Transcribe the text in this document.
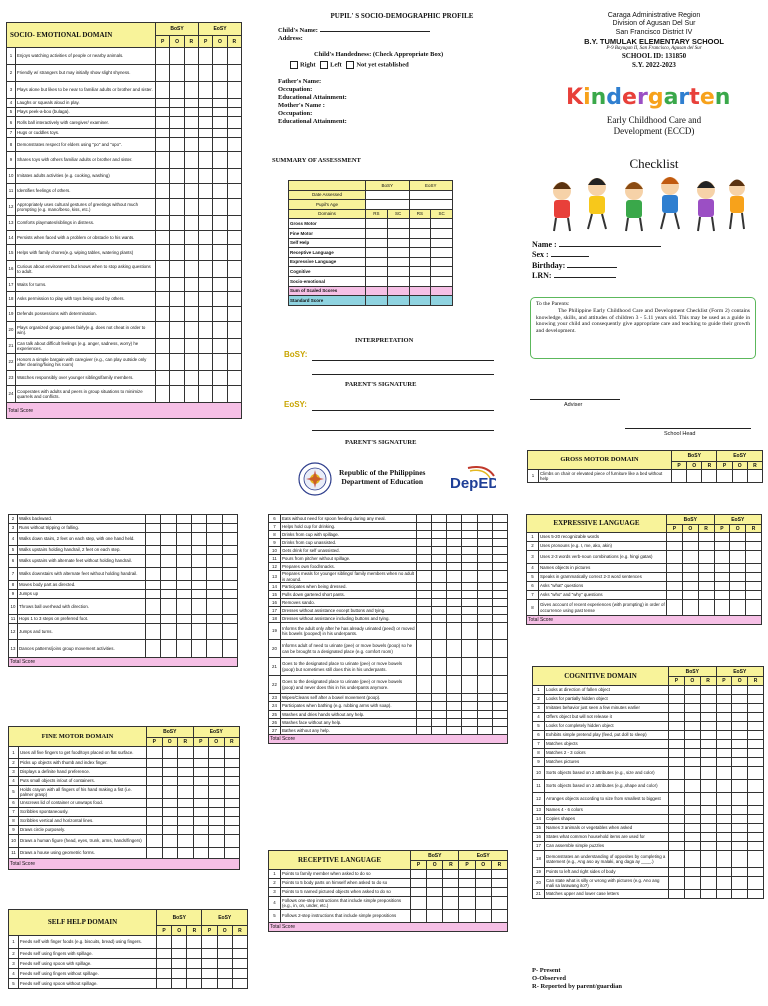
SOCIO- EMOTIONAL DOMAIN		BoSY			EoSY		
		P	O	R	P	O	R
1	Enjoys watching activities of people or nearby animals.						
2	Friendly w/ strangers but may initially show slight shyness.						
3	Plays alone but likes to be near to familiar adults or brother and sister.						
4	Laughs or squeals aloud in play.						
5	Plays peek-a-boo (bulaga).						
6	Rolls ball interactively with caregiver/ examiner.						
7	Hugs or cuddles toys.						
8	Demonstrates respect for elders using "po" and "opo".						
9	Shares toys with others familiar adults or brother and sister.						
10	Imitates adults activities (e.g. cooking, washing)						
11	Identifies feelings of others.						
12	Appropriately uses cultural gestures of greetings without much prompting (e.g. mano/beso, kiss, etc.)						
13	Comforts playmates/siblings in distress.						
14	Persists when faced with a problem or obstacle to his wants.						
15	Helps with family chores(e.g. wiping tables, watering plants)						
16	Curious about environment but knows when to stop asking questions to adult.						
17	Waits for turns.						
18	Asks permission to play with toys being used by others.						
19	Defends possessions with determination.						
20	Plays organized group games fairly(e.g. does not cheat in order to win).						
21	Can talk about difficult feelings (e.g. anger, sadness, worry) he experiences.						
22	Honors a simple bargain with caregiver (e.g., can play outside only after clearing/fixing his room)						
23	Watches responsibly over younger siblings/family members.						
24	Cooperates with adults and peers in group situations to minimize quarrels and conflicts.						
Total Score							
PUPIL' S SOCIO-DEMOGRAPHIC PROFILE
Child's Name:
Address:
Child's Handedness: (Check Appropriate Box)
Right Left Not yet established
Father's Name:
Occupation:
Educational Attainment:
Mother's Name :
Occupation:
Educational Attainment:
SUMMARY OF ASSESSMENT
	BoSY		EoSY	
Date Assessed				
Pupil's Age				
Domains	RS	SC	RS	SC
Gross Motor				
Fine Motor				
Self Help				
Receptive Language				
Expressive Language				
Cognitive				
Socio-emotional				
Sum of Scaled Scores				
Standard Score				
INTERPRETATION
BoSY:
PARENT'S SIGNATURE
EoSY:
PARENT'S SIGNATURE
Republic of the Philippines
Department of Education DepED
Caraga Administrative Region
Division of Agusan Del Sur
San Francisco District IV
B.Y. TUMULAK ELEMENTARY SCHOOL
P-9 Bayugan II, San Francisco, Agusan del Sur
SCHOOL ID: 131850
S.Y. 2022-2023
Kindergarten
Early Childhood Care and
Development (ECCD)
Checklist
Name :
Sex :
Birthday:
LRN:
To the Parents:
The Philippine Early Childhood Care and Development Checklist (Form 2) contains knowledge, skills, and attitudes of children 3 - 5.11 years old. This may be used as a guide in knowing your child and consequently give appropriate care and teaching to guide their growth and development.
Adviser
School Head
GROSS MOTOR DOMAIN		BoSY			EoSY		
		P	O	R	P	O	R
1	Climbs on chair or elevated piece of furniture like a bed without help						
2	Walks backward.						
3	Runs without tripping or falling.						
4	Walks down stairs, 2 feet on each step, with one hand held.						
5	Walks upstairs holding handrail, 2 feet on each step.						
6	Walks upstairs with alternate feet without holding handrail.						
7	Walks downstairs with alternate feet without holding handrail.						
8	Moves body part as directed.						
9	Jumps up						
10	Throws ball overhead with direction.						
11	Hops 1 to 3 steps on preferred foot.						
12	Jumps and turns.						
13	Dances patterns/joins group movement activities.						
Total Score							
FINE MOTOR DOMAIN		BoSY			EoSY		
		P	O	R	P	O	R
1	Uses all five fingers to get food/toys placed on flat surface.						
2	Picks up objects with thumb and index finger.						
3	Displays a definite hand preference.						
4	Puts small objects in/out of containers.						
5	Holds crayon with all fingers of his hand making a fist (i.e. palmer grasp)						
6	Unscrews lid of container or unwraps food.						
7	Scribbles spontaneously.						
8	Scribbles vertical and horizontal lines.						
9	Draws circle purposely.						
10	Draws a human figure (head, eyes, trunk, arms, hands/fingers)						
11	Draws a house using geometric forms.						
Total Score							
SELF HELP DOMAIN		BoSY			EoSY		
		P	O	R	P	O	R
1	Feeds self with finger foods (e.g. biscuits, bread) using fingers.						
2	Feeds self using fingers with spillage.						
3	Feeds self using spoon with spillage.						
4	Feeds self using fingers without spillage.						
5	Feeds self using spoon without spillage.						
6	Eats without need for spoon feeding during any meal.						
7	Helps hold cup for drinking.						
8	Drinks from cup with spillage.						
9	Drinks from cup unassisted.						
10	Gets drink for self unassisted.						
11	Pours from pitcher without spillage.						
12	Prepares own food/snacks.						
13	Prepares meals for younger siblings/ family members when no adult is around.						
14	Participates when being dressed.						
15	Pulls down gartered short pants.						
16	Removes sando.						
17	Dresses without assistance except buttons and tying.						
18	Dresses without assistance including buttons and tying.						
19	Informs the adult only after he has already urinated (peed) or moved his bowels (pooped) in his underpants.						
20	Informs adult of need to urinate (pee) or move bowels (poop) so he can be brought to a designated place (e.g. comfort room)						
21	Goes to the designated place to urinate (pee) or move bowels (poop) but sometimes still does this in his underpants.						
22	Goes to the designated place to urinate (pee) or move bowels (poop) and never does this in his underpants anymore.						
23	Wipes/Cleans self after a bowel movement (poop).						
24	Participates when bathing (e.g. rubbing arms with soap).						
25	Washes and dries hands without any help.						
26	Washes face without any help.						
27	Bathes without any help.						
Total Score							
RECEPTIVE LANGUAGE		BoSY			EoSY		
		P	O	R	P	O	R
1	Points to family member when asked to do so						
2	Points to 5 body parts on himself when asked to do so						
3	Points to 5 named pictured objects when asked to do so						
4	Follows one-step instructions that include simple prepositions (e.g., in, on, under, etc.)						
5	Follows 2-step instructions that include simple prepositions						
Total Score							
EXPRESSIVE LANGUAGE		BoSY			EoSY		
		P	O	R	P	O	R
1	Uses 5-20 recognizable words						
2	Uses pronouns (e.g. I, me, ako, akin)						
3	Uses 2-3 words verb-noun combinations (e.g. hingi gatas)						
4	Names objects in pictures						
5	Speaks in grammatically correct 2-3 word sentences						
6	Asks "what" questions						
7	Asks "who" and "why" questions						
8	Gives account of recent experiences (with prompting) in order of occurrence using past tense						
Total Score							
COGNITIVE DOMAIN		BoSY			EoSY		
		P	O	R	P	O	R
1	Looks at direction of fallen object						
2	Looks for partially hidden object						
3	Imitates behavior just seen a few minutes earlier						
4	Offers object but will not release it						
5	Looks for completely hidden object						
6	Exhibits simple pretend play (feed, put doll to sleep)						
7	Matches objects						
8	Matches 2 - 3 colors						
9	Matches pictures						
10	Sorts objects based on 2 attributes (e.g., size and color)						
11	Sorts objects based on 2 attributes (e.g.,shape and color)						
12	Arranges objects according to size from smallest to biggest						
13	Names 4 - 6 colors						
14	Copies shapes						
15	Names 3 animals or vegetables when asked						
16	States what common household items are used for						
17	Can assemble simple puzzles						
18	Demonstrates an understanding of opposites by completing a statement (e.g., Ang aso ay malaki, ang daga ay ____.)						
19	Points to left and right sides of body						
20	Can state what is silly or wrong with pictures (e.g. Ano ang mali sa larawang ito?)						
21	Matches upper and lower case letters						
P- Present
O-Observed
R- Reported by parent/guardian
